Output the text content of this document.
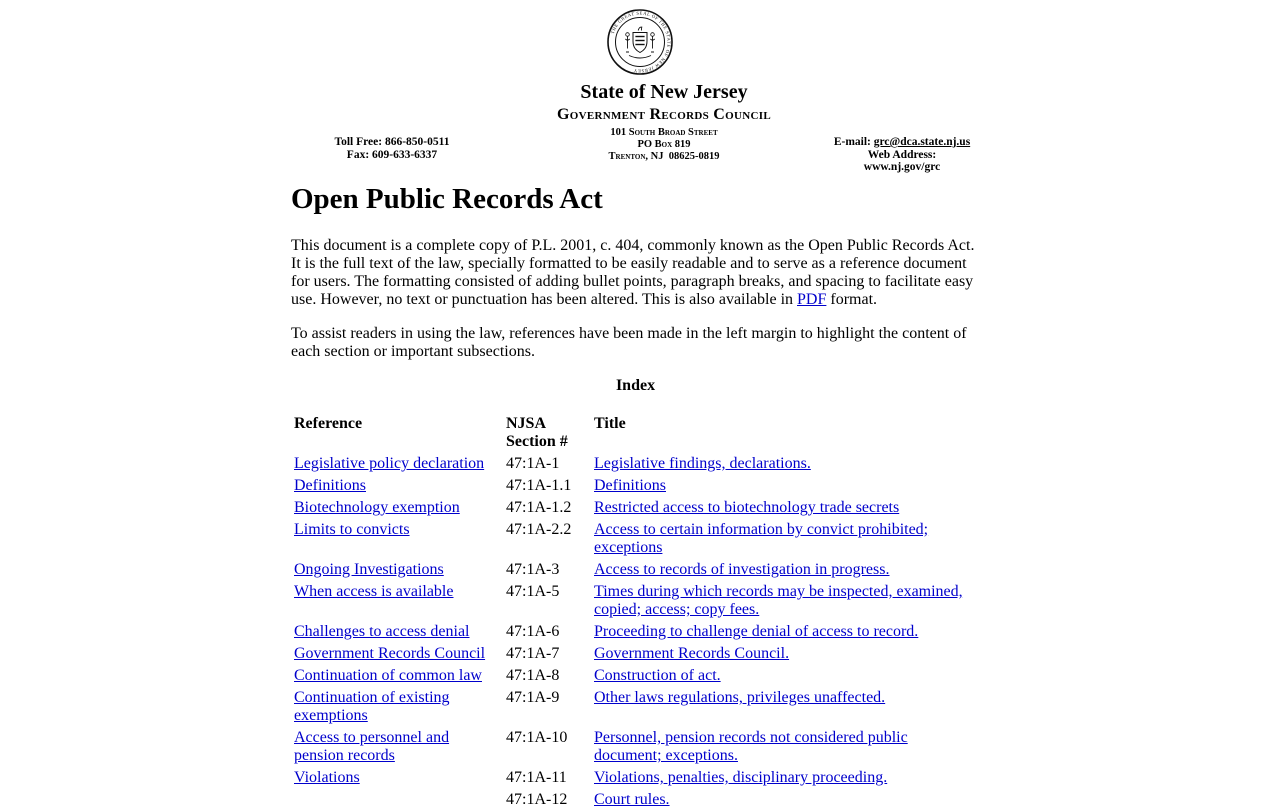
THE GREAT SEAL OF THE STATE OF NEW JERSEY
State of New Jersey
Government Records Council
101 South Broad Street
PO Box 819
Trenton, NJ  08625-0819
Toll Free: 866-850-0511
Fax: 609-633-6337
E-mail: grc@dca.state.nj.us
Web Address:
www.nj.gov/grc
Open Public Records Act

This document is a complete copy of P.L. 2001, c. 404, commonly known as the Open Public Records Act. It is the full text of the law, specially formatted to be easily readable and to serve as a reference document for users. The formatting consisted of adding bullet points, paragraph breaks, and spacing to facilitate easy use. However, no text or punctuation has been altered. This is also available in PDF format.

To assist readers in using the law, references have been made in the left margin to highlight the content of each section or important subsections.

Index
Reference	NJSA Section #	Title
Legislative policy declaration	47:1A-1	Legislative findings, declarations.
Definitions	47:1A-1.1	Definitions
Biotechnology exemption	47:1A-1.2	Restricted access to biotechnology trade secrets
Limits to convicts	47:1A-2.2	Access to certain information by convict prohibited; exceptions
Ongoing Investigations	47:1A-3	Access to records of investigation in progress.
When access is available	47:1A-5	Times during which records may be inspected, examined, copied; access; copy fees.
Challenges to access denial	47:1A-6	Proceeding to challenge denial of access to record.
Government Records Council	47:1A-7	Government Records Council.
Continuation of common law	47:1A-8	Construction of act.
Continuation of existing exemptions	47:1A-9	Other laws regulations, privileges unaffected.
Access to personnel and pension records	47:1A-10	Personnel, pension records not considered public document; exceptions.
Violations	47:1A-11	Violations, penalties, disciplinary proceeding.
	47:1A-12	Court rules.
